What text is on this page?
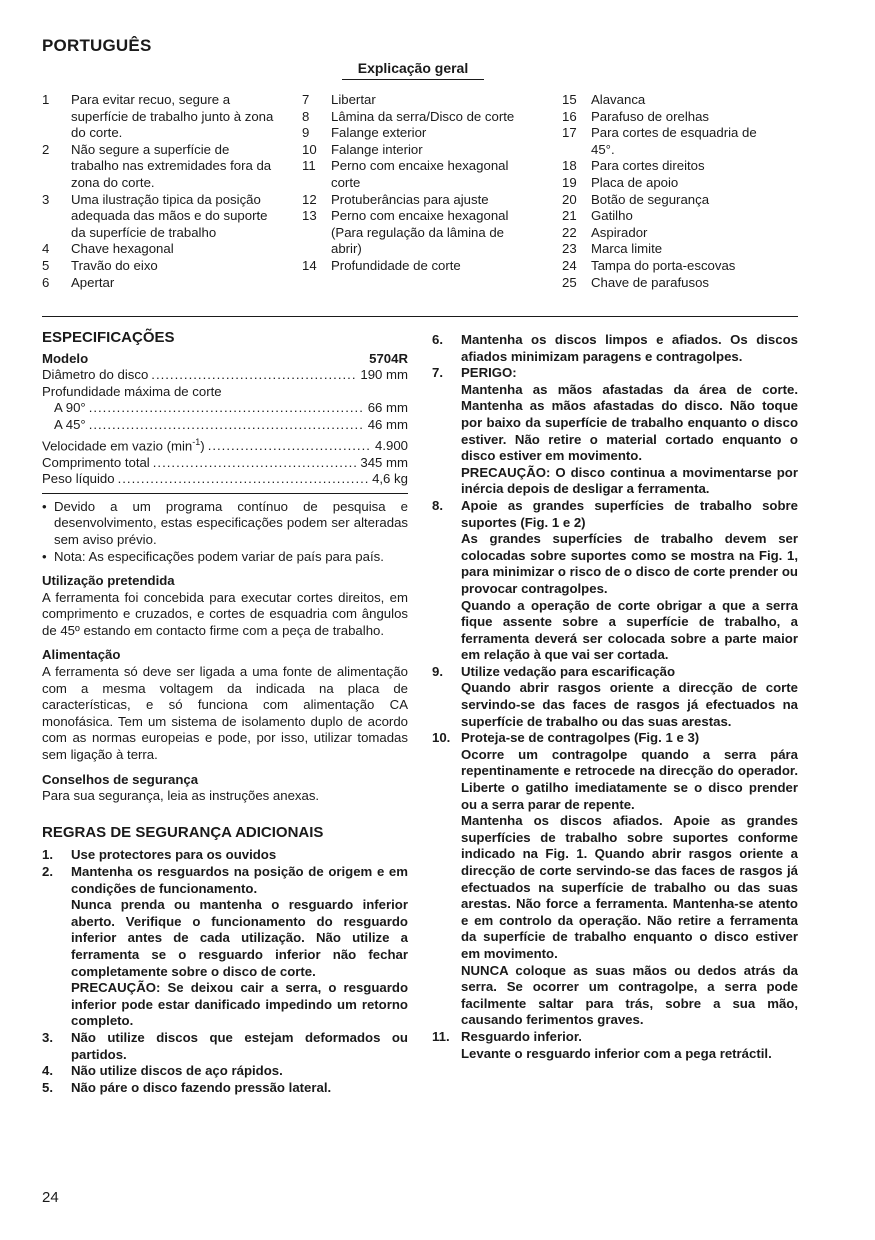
PORTUGUÊS
Explicação geral
1 Para evitar recuo, segure a superfície de trabalho junto à zona do corte.
2 Não segure a superfície de trabalho nas extremidades fora da zona do corte.
3 Uma ilustração tipica da posição adequada das mãos e do suporte da superfície de trabalho
4 Chave hexagonal
5 Travão do eixo
6 Apertar
7 Libertar
8 Lâmina da serra/Disco de corte
9 Falange exterior
10 Falange interior
11 Perno com encaixe hexagonal corte
12 Protuberâncias para ajuste
13 Perno com encaixe hexagonal (Para regulação da lâmina de abrir)
14 Profundidade de corte
15 Alavanca
16 Parafuso de orelhas
17 Para cortes de esquadria de 45°.
18 Para cortes direitos
19 Placa de apoio
20 Botão de segurança
21 Gatilho
22 Aspirador
23 Marca limite
24 Tampa do porta-escovas
25 Chave de parafusos
ESPECIFICAÇÕES
Modelo	5704R
Diâmetro do disco .....	190 mm
Profundidade máxima de corte
A 90° .....	66 mm
A 45° .....	46 mm
Velocidade em vazio $(\min^{-1})$ .....	4.900
Comprimento total .....	345 mm
Peso líquido .....	4,6 kg
• Devido a um programa contínuo de pesquisa e desenvolvimento, estas especificações podem ser alteradas sem aviso prévio.
• Nota: As especificações podem variar de país para país.
Utilização pretendida
A ferramenta foi concebida para executar cortes direitos, em comprimento e cruzados, e cortes de esquadria com ângulos de 45º estando em contacto firme com a peça de trabalho.
Alimentação
A ferramenta só deve ser ligada a uma fonte de alimentação com a mesma voltagem da indicada na placa de características, e só funciona com alimentação CA monofásica. Tem um sistema de isolamento duplo de acordo com as normas europeias e pode, por isso, utilizar tomadas sem ligação à terra.
Conselhos de segurança
Para sua segurança, leia as instruções anexas.
REGRAS DE SEGURANÇA ADICIONAIS
1. Use protectores para os ouvidos
2. Mantenha os resguardos na posição de origem e em condições de funcionamento.
Nunca prenda ou mantenha o resguardo inferior aberto. Verifique o funcionamento do resguardo inferior antes de cada utilização. Não utilize a ferramenta se o resguardo inferior não fechar completamente sobre o disco de corte.
PRECAUÇÃO: Se deixou cair a serra, o resguardo inferior pode estar danificado impedindo um retorno completo.
3. Não utilize discos que estejam deformados ou partidos.
4. Não utilize discos de aço rápidos.
5. Não páre o disco fazendo pressão lateral.
6. Mantenha os discos limpos e afiados. Os discos afiados minimizam paragens e contragolpes.
7. PERIGO:
Mantenha as mãos afastadas da área de corte. Mantenha as mãos afastadas do disco. Não toque por baixo da superfície de trabalho enquanto o disco estiver. Não retire o material cortado enquanto o disco estiver em movimento.
PRECAUÇÃO: O disco continua a movimentarse por inércia depois de desligar a ferramenta.
8. Apoie as grandes superfícies de trabalho sobre suportes (Fig. 1 e 2)
As grandes superfícies de trabalho devem ser colocadas sobre suportes como se mostra na Fig. 1, para minimizar o risco de o disco de corte prender ou provocar contragolpes.
Quando a operação de corte obrigar a que a serra fique assente sobre a superfície de trabalho, a ferramenta deverá ser colocada sobre a parte maior em relação à que vai ser cortada.
9. Utilize vedação para escarificação
Quando abrir rasgos oriente a direcção de corte servindo-se das faces de rasgos já efectuados na superfície de trabalho ou das suas arestas.
10. Proteja-se de contragolpes (Fig. 1 e 3)
Ocorre um contragolpe quando a serra pára repentinamente e retrocede na direcção do operador. Liberte o gatilho imediatamente se o disco prender ou a serra parar de repente.
Mantenha os discos afiados. Apoie as grandes superfícies de trabalho sobre suportes conforme indicado na Fig. 1. Quando abrir rasgos oriente a direcção de corte servindo-se das faces de rasgos já efectuados na superfície de trabalho ou das suas arestas. Não force a ferramenta. Mantenha-se atento e em controlo da operação. Não retire a ferramenta da superfície de trabalho enquanto o disco estiver em movimento.
NUNCA coloque as suas mãos ou dedos atrás da serra. Se ocorrer um contragolpe, a serra pode facilmente saltar para trás, sobre a sua mão, causando ferimentos graves.
11. Resguardo inferior.
Levante o resguardo inferior com a pega retráctil.
24
